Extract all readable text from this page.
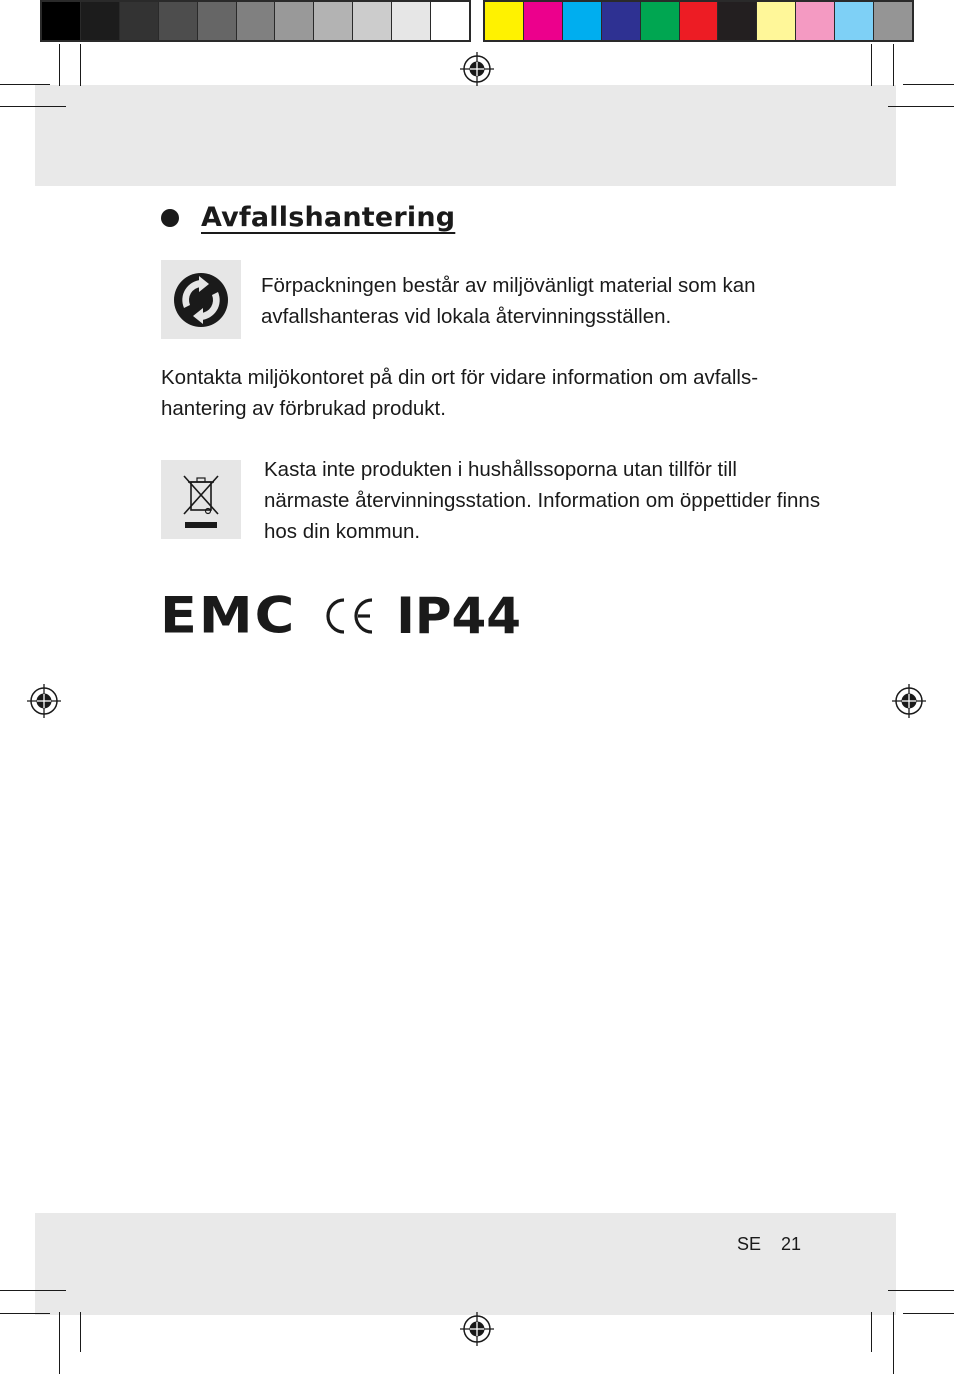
Avfallshantering

Förpackningen består av miljövänligt material som kan avfallshanteras vid lokala återvinningsställen.

Kontakta miljökontoret på din ort för vidare information om avfalls-
hantering av förbrukad produkt.

Kasta inte produkten i hushållssoporna utan tillför till närmaste återvinningsstation. Information om öppettider finns hos din kommun.

EMC IP44
SE 21
